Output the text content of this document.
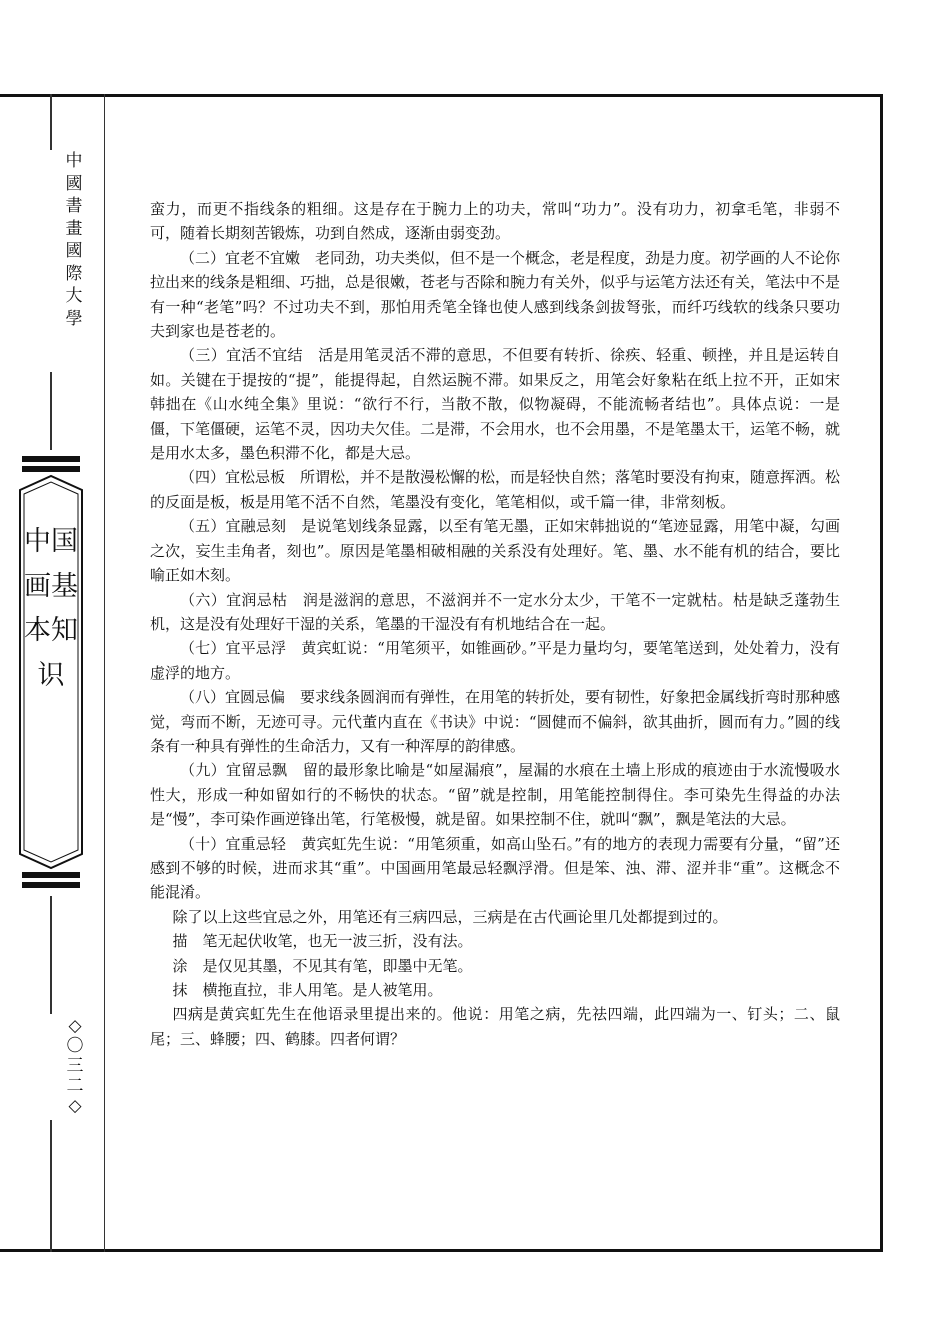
中國書畫國際大學
中国画基本知识
◇〇三二◇

蛮力，而更不指线条的粗细。这是存在于腕力上的功夫，常叫“功力”。没有功力，初拿毛笔，非弱不可，随着长期刻苦锻炼，功到自然成，逐渐由弱变劲。

（二）宜老不宜嫩　老同劲，功夫类似，但不是一个概念，老是程度，劲是力度。初学画的人不论你拉出来的线条是粗细、巧拙，总是很嫩，苍老与否除和腕力有关外，似乎与运笔方法还有关，笔法中不是有一种“老笔”吗？不过功夫不到，那怕用秃笔全锋也使人感到线条剑拔弩张，而纤巧线软的线条只要功夫到家也是苍老的。

（三）宜活不宜结　活是用笔灵活不滞的意思，不但要有转折、徐疾、轻重、顿挫，并且是运转自如。关键在于提按的“提”，能提得起，自然运腕不滞。如果反之，用笔会好象粘在纸上拉不开，正如宋韩拙在《山水纯全集》里说：“欲行不行，当散不散，似物凝碍，不能流畅者结也”。具体点说：一是僵，下笔僵硬，运笔不灵，因功夫欠佳。二是滞，不会用水，也不会用墨，不是笔墨太干，运笔不畅，就是用水太多，墨色积滞不化，都是大忌。

（四）宜松忌板　所谓松，并不是散漫松懈的松，而是轻快自然；落笔时要没有拘束，随意挥洒。松的反面是板，板是用笔不活不自然，笔墨没有变化，笔笔相似，或千篇一律，非常刻板。

（五）宜融忌刻　是说笔划线条显露，以至有笔无墨，正如宋韩拙说的“笔迹显露，用笔中凝，勾画之次，妄生圭角者，刻也”。原因是笔墨相破相融的关系没有处理好。笔、墨、水不能有机的结合，要比喻正如木刻。

（六）宜润忌枯　润是滋润的意思，不滋润并不一定水分太少，干笔不一定就枯。枯是缺乏蓬勃生机，这是没有处理好干湿的关系，笔墨的干湿没有有机地结合在一起。

（七）宜平忌浮　黄宾虹说：“用笔须平，如锥画砂。”平是力量均匀，要笔笔送到，处处着力，没有虚浮的地方。

（八）宜圆忌偏　要求线条圆润而有弹性，在用笔的转折处，要有韧性，好象把金属线折弯时那种感觉，弯而不断，无迹可寻。元代董内直在《书诀》中说：“圆健而不偏斜，欲其曲折，圆而有力。”圆的线条有一种具有弹性的生命活力，又有一种浑厚的韵律感。

（九）宜留忌飘　留的最形象比喻是“如屋漏痕”，屋漏的水痕在土墙上形成的痕迹由于水流慢吸水性大，形成一种如留如行的不畅快的状态。“留”就是控制，用笔能控制得住。李可染先生得益的办法是“慢”，李可染作画逆锋出笔，行笔极慢，就是留。如果控制不住，就叫“飘”，飘是笔法的大忌。

（十）宜重忌轻　黄宾虹先生说：“用笔须重，如高山坠石。”有的地方的表现力需要有分量，“留”还感到不够的时候，进而求其“重”。中国画用笔最忌轻飘浮滑。但是笨、浊、滞、涩并非“重”。这概念不能混淆。

除了以上这些宜忌之外，用笔还有三病四忌，三病是在古代画论里几处都提到过的。

描　笔无起伏收笔，也无一波三折，没有法。

涂　是仅见其墨，不见其有笔，即墨中无笔。

抹　横拖直拉，非人用笔。是人被笔用。

四病是黄宾虹先生在他语录里提出来的。他说：用笔之病，先祛四端，此四端为一、钉头；二、鼠尾；三、蜂腰；四、鹤膝。四者何谓？
